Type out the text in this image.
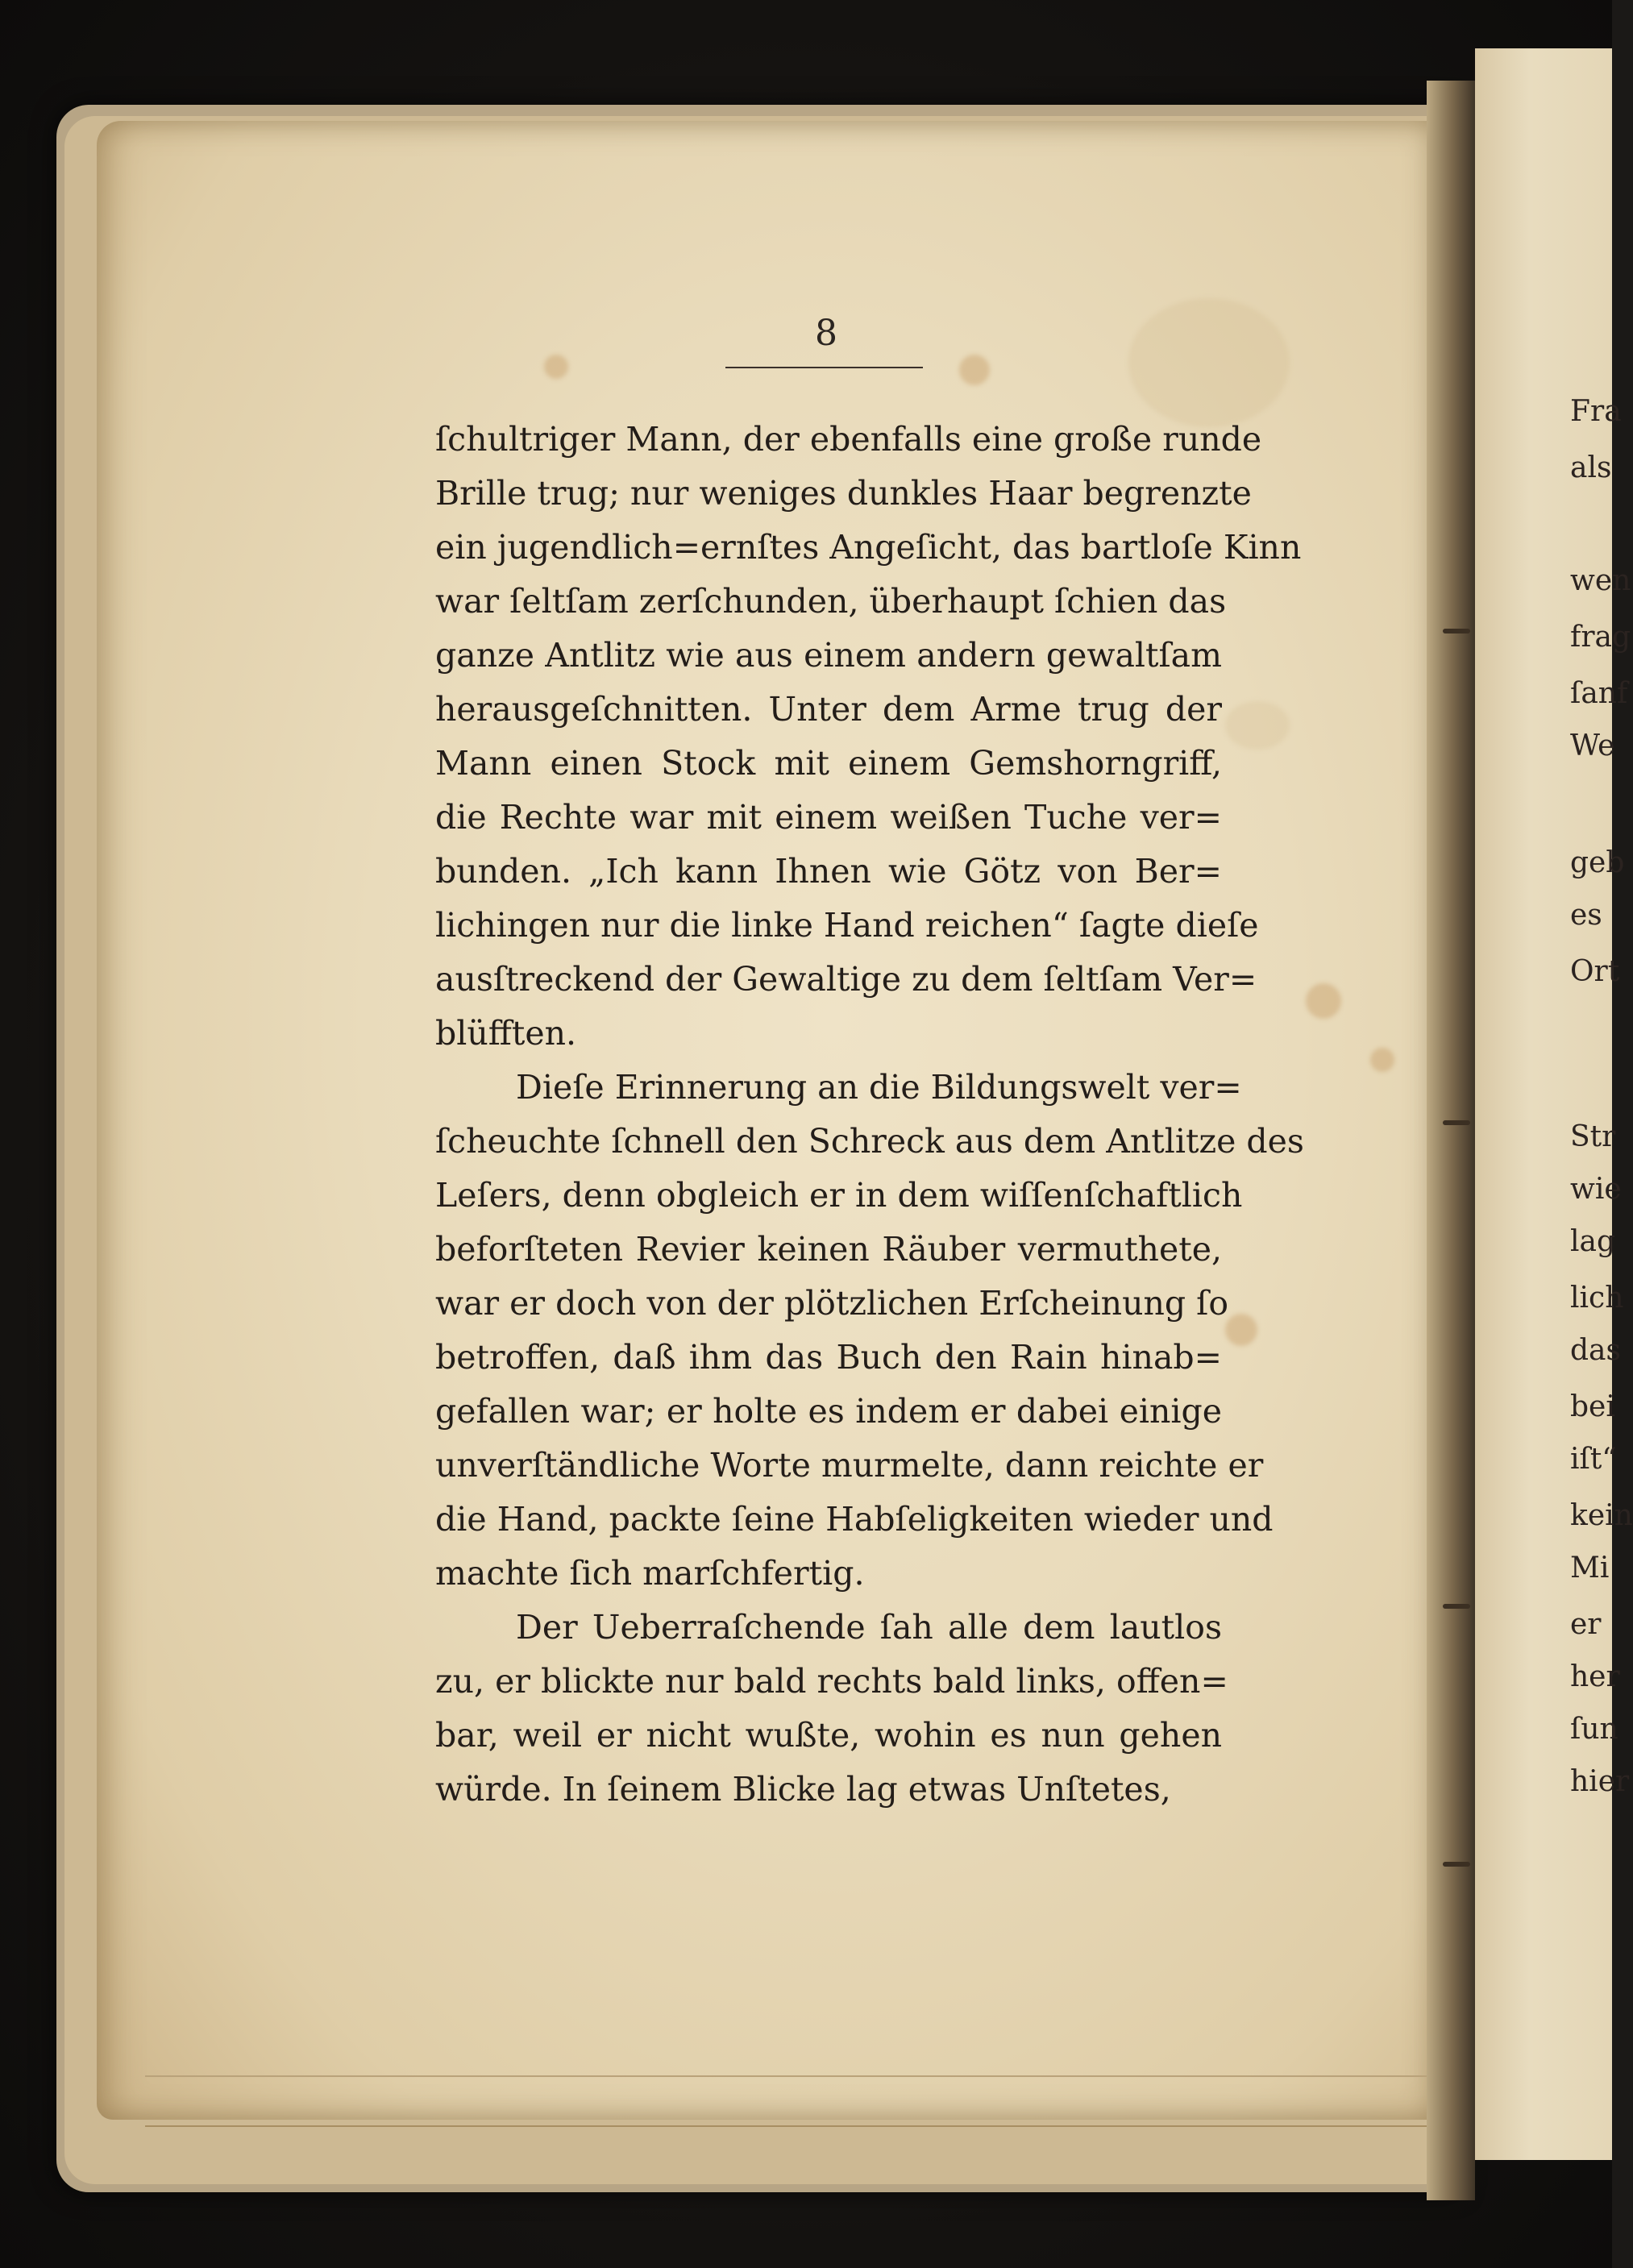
Fra
als
wen
frag
ſanf
We
geb
es
Ort
Str
wie
lag
lich
das
bei
iſt“
kein
Mi
er
her
ſun
hier
8
ſchultriger Mann, der ebenfalls eine große runde
Brille trug; nur weniges dunkles Haar begrenzte
ein jugendlich=ernſtes Angeſicht, das bartloſe Kinn
war ſeltſam zerſchunden, überhaupt ſchien das
ganze Antlitz wie aus einem andern gewaltſam
herausgeſchnitten. Unter dem Arme trug der
Mann einen Stock mit einem Gemshorngriff,
die Rechte war mit einem weißen Tuche ver=
bunden. „Ich kann Ihnen wie Götz von Ber=
lichingen nur die linke Hand reichen“ ſagte dieſe
ausſtreckend der Gewaltige zu dem ſeltſam Ver=
blüfften.
Dieſe Erinnerung an die Bildungswelt ver=
ſcheuchte ſchnell den Schreck aus dem Antlitze des
Leſers, denn obgleich er in dem wiſſenſchaftlich
beforſteten Revier keinen Räuber vermuthete,
war er doch von der plötzlichen Erſcheinung ſo
betroffen, daß ihm das Buch den Rain hinab=
gefallen war; er holte es indem er dabei einige
unverſtändliche Worte murmelte, dann reichte er
die Hand, packte ſeine Habſeligkeiten wieder und
machte ſich marſchfertig.
Der Ueberraſchende ſah alle dem lautlos
zu, er blickte nur bald rechts bald links, offen=
bar, weil er nicht wußte, wohin es nun gehen
würde. In ſeinem Blicke lag etwas Unſtetes,
